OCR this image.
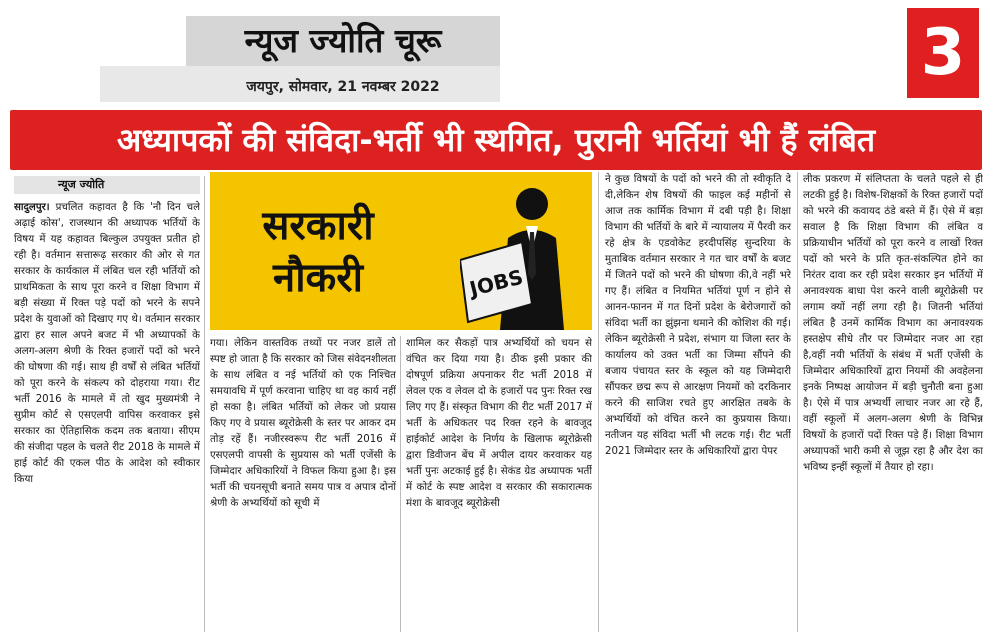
न्यूज ज्योति चूरू
जयपुर, सोमवार, 21 नवम्बर 2022	3
अध्यापकों की संविदा-भर्ती भी स्थगित, पुरानी भर्तियां भी हैं लंबित
न्यूज ज्योति
सादुलपुर। प्रचलित कहावत है कि 'नौ दिन चले अढ़ाई कोस', राजस्थान की अध्यापक भर्तियों के विषय में यह कहावत बिल्कुल उपयुक्त प्रतीत हो रही है। वर्तमान सत्तारूढ़ सरकार की ओर से गत सरकार के कार्यकाल में लंबित चल रही भर्तियों को प्राथमिकता के साथ पूरा करने व शिक्षा विभाग में बड़ी संख्या में रिक्त पड़े पदों को भरने के सपने प्रदेश के युवाओं को दिखाए गए थे। वर्तमान सरकार द्वारा हर साल अपने बजट में भी अध्यापकों के अलग-अलग श्रेणी के रिक्त हजारों पदों को भरने की घोषणा की गई। साथ ही वर्षों से लंबित भर्तियों को पूरा करने के संकल्प को दोहराया गया। रीट भर्ती 2016 के मामले में तो खुद मुख्यमंत्री ने सुप्रीम कोर्ट से एसएलपी वापिस करवाकर इसे सरकार का ऐतिहासिक कदम तक बताया। सीएम की संजीदा पहल के चलते रीट 2018 के मामले में हाई कोर्ट की एकल पीठ के आदेश को स्वीकार किया
सरकारी
नौकरी	JOBS
गया। लेकिन वास्तविक तथ्यों पर नजर डालें तो स्पष्ट हो जाता है कि सरकार को जिस संवेदनशीलता के साथ लंबित व नई भर्तियों को एक निश्चित समयावधि में पूर्ण करवाना चाहिए था वह कार्य नहीं हो सका है। लंबित भर्तियों को लेकर जो प्रयास किए गए वे प्रयास ब्यूरोक्रेसी के स्तर पर आकर दम तोड़ रहें हैं। नजीरस्वरूप रीट भर्ती 2016 में एसएलपी वापसी के सुप्रयास को भर्ती एजेंसी के जिम्मेदार अधिकारियों ने विफल किया हुआ है। इस भर्ती की चयनसूची बनाते समय पात्र व अपात्र दोनों श्रेणी के अभ्यर्थियों को सूची में
शामिल कर सैकड़ों पात्र अभ्यर्थियों को चयन से वंचित कर दिया गया है। ठीक इसी प्रकार की दोषपूर्ण प्रक्रिया अपनाकर रीट भर्ती 2018 में लेवल एक व लेवल दो के हजारों पद पुनः रिक्त रख लिए गए हैं। संस्कृत विभाग की रीट भर्ती 2017 में भर्ती के अधिकतर पद रिक्त रहने के बावजूद हाईकोर्ट आदेश के निर्णय के खिलाफ ब्यूरोक्रेसी द्वारा डिवीजन बेंच में अपील दायर करवाकर यह भर्ती पुनः अटकाई हुई है। सेकंड ग्रेड अध्यापक भर्ती में कोर्ट के स्पष्ट आदेश व सरकार की सकारात्मक मंशा के बावजूद ब्यूरोक्रेसी
ने कुछ विषयों के पदों को भरने की तो स्वीकृति दे दी,लेकिन शेष विषयों की फाइल कई महीनों से आज तक कार्मिक विभाग में दबी पड़ी है। शिक्षा विभाग की भर्तियों के बारे में न्यायालय में पैरवी कर रहे क्षेत्र के एडवोकेट हरदीपसिंह सुन्दरिया के मुताबिक वर्तमान सरकार ने गत चार वर्षों के बजट में जितने पदों को भरने की घोषणा की,वे नहीं भरे गए हैं। लंबित व नियमित भर्तियां पूर्ण न होने से आनन-फानन में गत दिनों प्रदेश के बेरोजगारों को संविदा भर्ती का झुंझना थमाने की कोशिश की गई। लेकिन ब्यूरोक्रेसी ने प्रदेश, संभाग या जिला स्तर के कार्यालय को उक्त भर्ती का जिम्मा सौंपने की बजाय पंचायत स्तर के स्कूल को यह जिम्मेदारी सौंपकर छद्म रूप से आरक्षण नियमों को दरकिनार करने की साजिश रचते हुए आरक्षित तबके के अभ्यर्थियों को वंचित करने का कुप्रयास किया। नतीजन यह संविदा भर्ती भी लटक गई। रीट भर्ती 2021 जिम्मेदार स्तर के अधिकारियों द्वारा पेपर
लीक प्रकरण में संलिप्तता के चलते पहले से ही लटकी हुई है। विशेष-शिक्षकों के रिक्त हजारों पदों को भरने की कवायद ठंडे बस्ते में हैं। ऐसे में बड़ा सवाल है कि शिक्षा विभाग की लंबित व प्रक्रियाधीन भर्तियों को पूरा करने व लाखों रिक्त पदों को भरने के प्रति कृत-संकल्पित होने का निरंतर दावा कर रही प्रदेश सरकार इन भर्तियों में अनावश्यक बाधा पेश करने वाली ब्यूरोक्रेसी पर लगाम क्यों नहीं लगा रही है। जितनी भर्तियां लंबित है उनमें कार्मिक विभाग का अनावश्यक हस्तक्षेप सीधे तौर पर जिम्मेदार नजर आ रहा है,वहीं नयी भर्तियों के संबंध में भर्ती एजेंसी के जिम्मेदार अधिकारियों द्वारा नियमों की अवहेलना इनके निष्पक्ष आयोजन में बड़ी चुनौती बना हुआ है। ऐसे में पात्र अभ्यर्थी लाचार नजर आ रहे हैं, वहीं स्कूलों में अलग-अलग श्रेणी के विभिन्न विषयों के हजारों पदों रिक्त पड़े हैं। शिक्षा विभाग अध्यापकों भारी कमी से जूझ रहा है और देश का भविष्य इन्हीं स्कूलों में तैयार हो रहा।
